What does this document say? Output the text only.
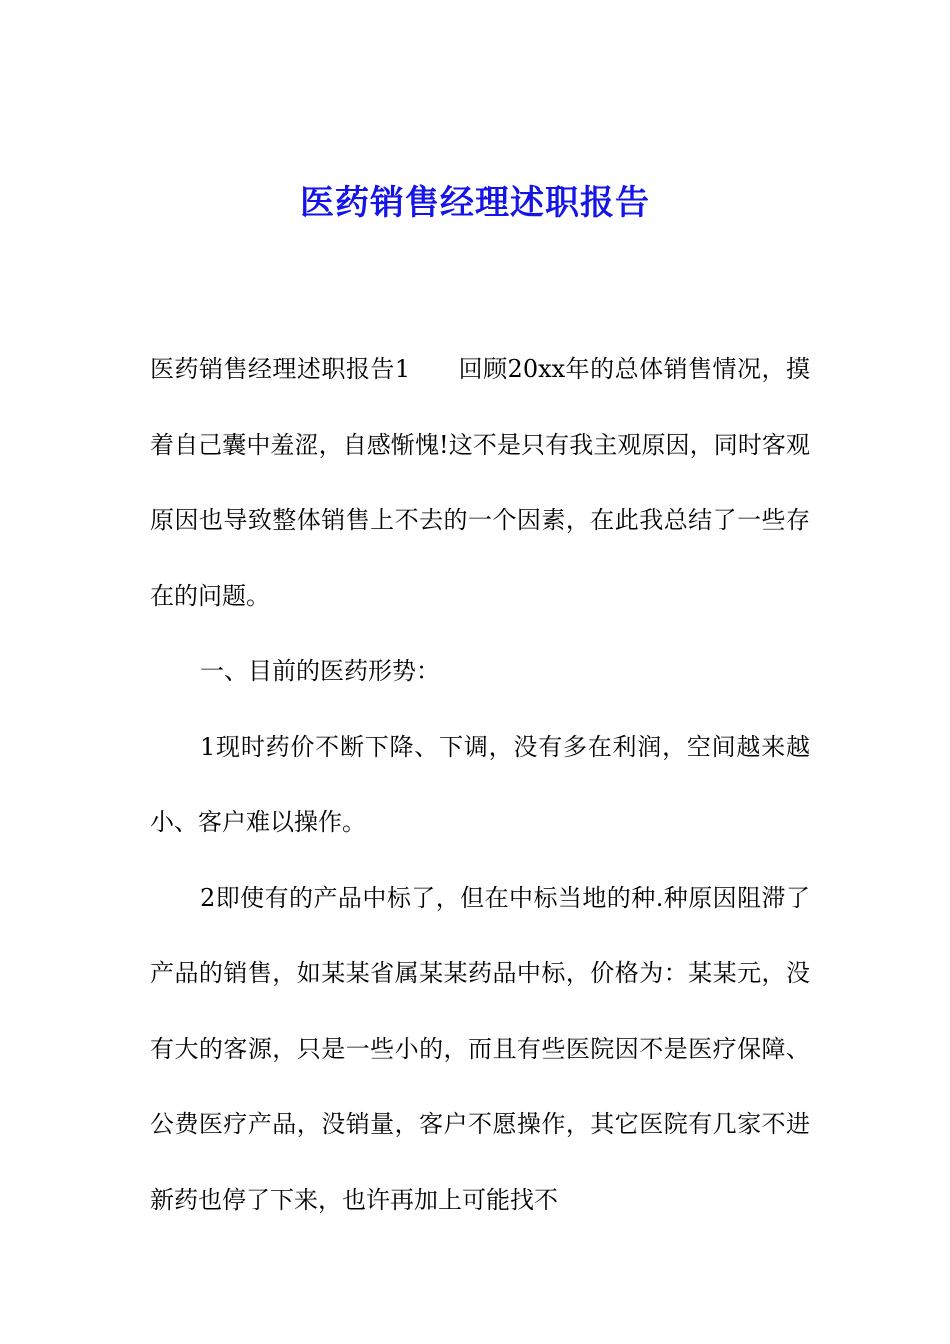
医药销售经理述职报告

医药销售经理述职报告1 回顾20xx年的总体销售情况，摸着自己囊中羞涩，自感惭愧!这不是只有我主观原因，同时客观原因也导致整体销售上不去的一个因素，在此我总结了一些存在的问题。

一、目前的医药形势：

1现时药价不断下降、下调，没有多在利润，空间越来越小、客户难以操作。

2即使有的产品中标了，但在中标当地的种.种原因阻滞了产品的销售，如某某省属某某药品中标，价格为：某某元，没有大的客源，只是一些小的，而且有些医院因不是医疗保障、公费医疗产品，没销量，客户不愿操作，其它医院有几家不进新药也停了下来，也许再加上可能找不
